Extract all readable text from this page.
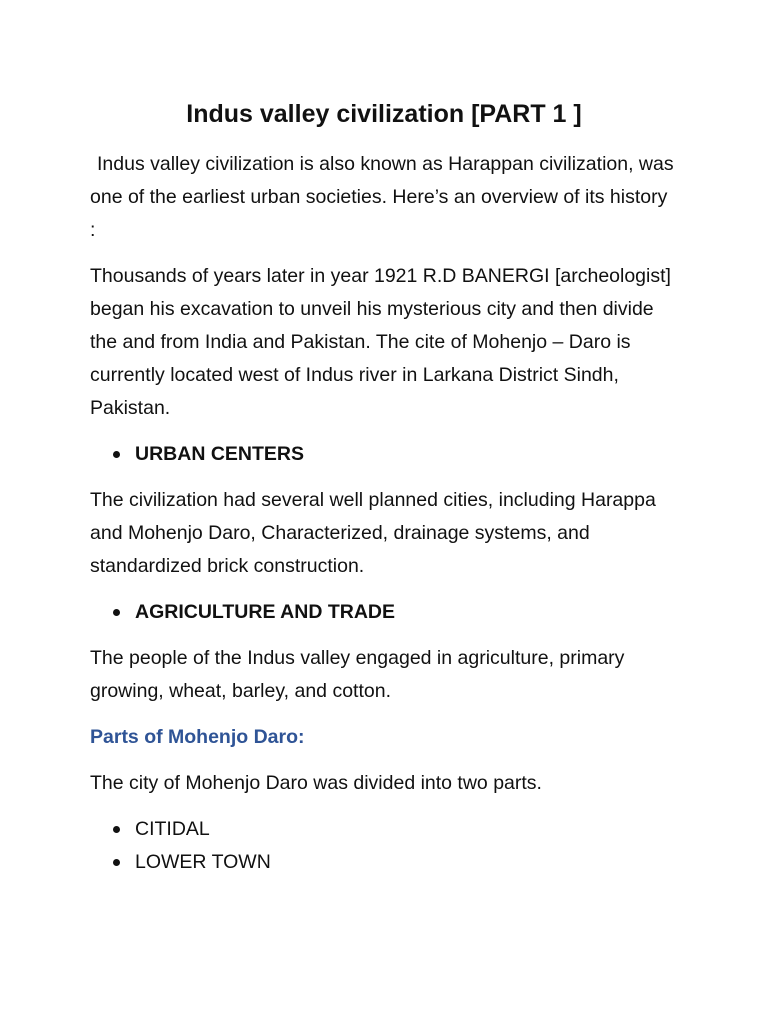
Indus valley civilization [PART 1 ]

Indus valley civilization is also known as Harappan civilization, was one of the earliest urban societies. Here’s an overview of its history :

Thousands of years later in year 1921 R.D BANERGI [archeologist] began his excavation to unveil his mysterious city and then divide the and from India and Pakistan. The cite of Mohenjo – Daro is currently located west of Indus river in Larkana District Sindh, Pakistan.

URBAN CENTERS

The civilization had several well planned cities, including Harappa and Mohenjo Daro, Characterized, drainage systems, and standardized brick construction.

AGRICULTURE AND TRADE

The people of the Indus valley engaged in agriculture, primary growing, wheat, barley, and cotton.

Parts of Mohenjo Daro:

The city of Mohenjo Daro was divided into two parts.

CITIDAL
LOWER TOWN
